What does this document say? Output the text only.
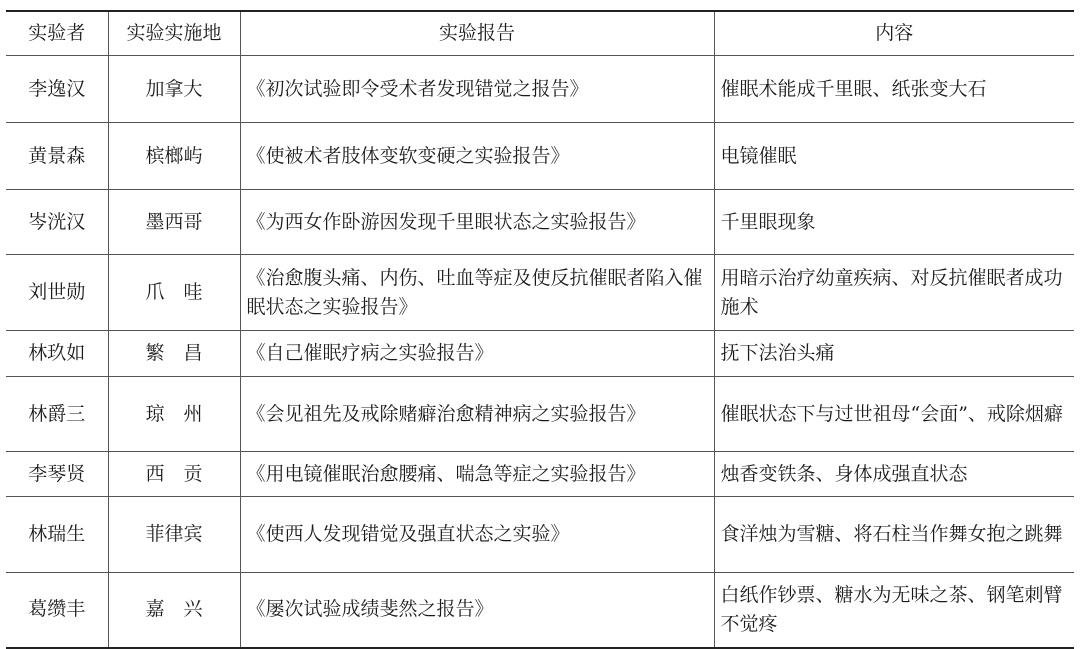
实验者	实验实施地	实验报告	内容
李逸汉	加拿大	《初次试验即令受术者发现错觉之报告》	催眠术能成千里眼、纸张变大石
黄景森	槟榔屿	《使被术者肢体变软变硬之实验报告》	电镜催眠
岑洸汉	墨西哥	《为西女作卧游因发现千里眼状态之实验报告》	千里眼现象
刘世勋	爪　哇	《治愈腹头痛、内伤、吐血等症及使反抗催眠者陷入催眠状态之实验报告》	用暗示治疗幼童疾病、对反抗催眠者成功施术
林玖如	繁　昌	《自己催眠疗病之实验报告》	抚下法治头痛
林爵三	琼　州	《会见祖先及戒除赌癖治愈精神病之实验报告》	催眠状态下与过世祖母“会面”、戒除烟癖
李琴贤	西　贡	《用电镜催眠治愈腰痛、喘急等症之实验报告》	烛香变铁条、身体成强直状态
林瑞生	菲律宾	《使西人发现错觉及强直状态之实验》	食洋烛为雪糖、将石柱当作舞女抱之跳舞
葛缵丰	嘉　兴	《屡次试验成绩斐然之报告》	白纸作钞票、糖水为无味之茶、钢笔刺臂不觉疼
